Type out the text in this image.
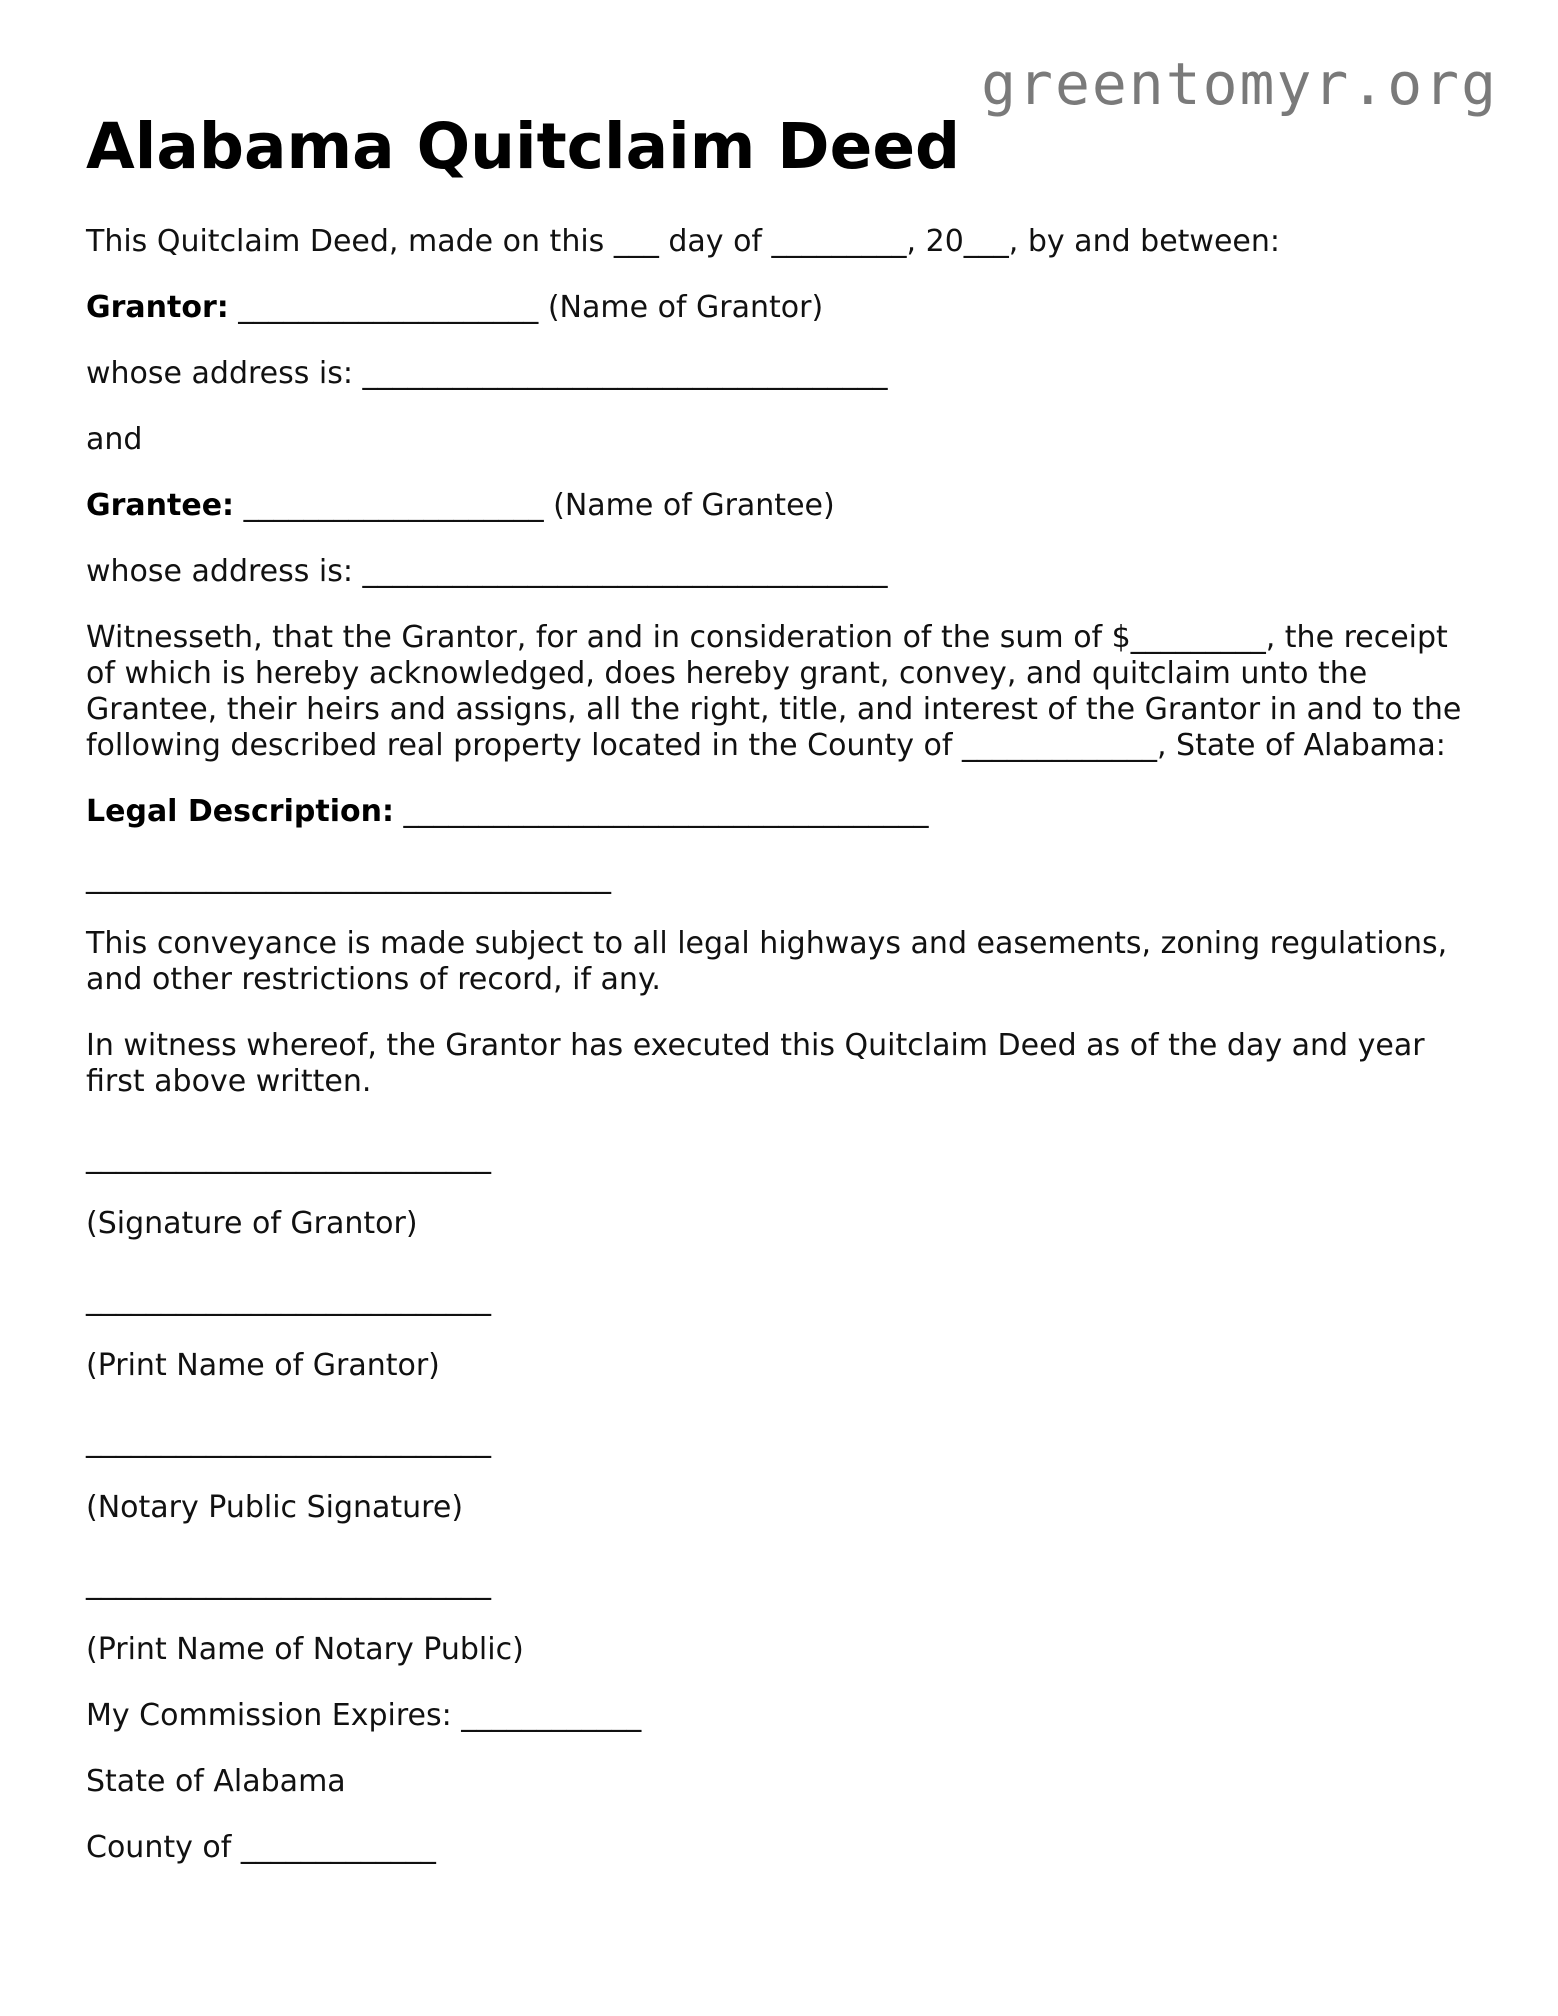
greentomyr.org
Alabama Quitclaim Deed

This Quitclaim Deed, made on this ___ day of _________, 20___, by and between:

Grantor: ____________________ (Name of Grantor)

whose address is: ___________________________________

and

Grantee: ____________________ (Name of Grantee)

whose address is: ___________________________________

Witnesseth, that the Grantor, for and in consideration of the sum of $_________, the receipt of which is hereby acknowledged, does hereby grant, convey, and quitclaim unto the Grantee, their heirs and assigns, all the right, title, and interest of the Grantor in and to the following described real property located in the County of _____________, State of Alabama:

Legal Description: ___________________________________

___________________________________

This conveyance is made subject to all legal highways and easements, zoning regulations, and other restrictions of record, if any.

In witness whereof, the Grantor has executed this Quitclaim Deed as of the day and year first above written.

___________________________
(Signature of Grantor)
___________________________
(Print Name of Grantor)
___________________________
(Notary Public Signature)
___________________________
(Print Name of Notary Public)

My Commission Expires: ____________

State of Alabama

County of _____________
